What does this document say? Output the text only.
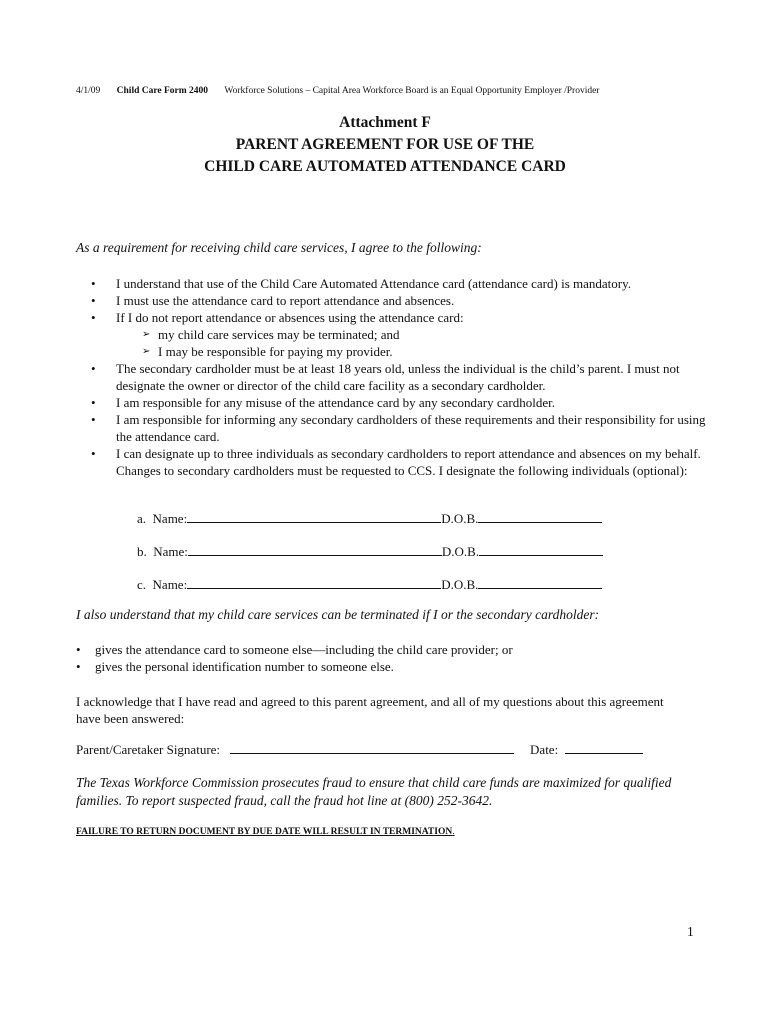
4/1/09 Child Care Form 2400 Workforce Solutions – Capital Area Workforce Board is an Equal Opportunity Employer /Provider
Attachment F
PARENT AGREEMENT FOR USE OF THE
CHILD CARE AUTOMATED ATTENDANCE CARD
As a requirement for receiving child care services, I agree to the following:
• I understand that use of the Child Care Automated Attendance card (attendance card) is mandatory.
• I must use the attendance card to report attendance and absences.
• If I do not report attendance or absences using the attendance card:
➢ my child care services may be terminated; and
➢ I may be responsible for paying my provider.
• The secondary cardholder must be at least 18 years old, unless the individual is the child’s parent. I must not designate the owner or director of the child care facility as a secondary cardholder.
• I am responsible for any misuse of the attendance card by any secondary cardholder.
• I am responsible for informing any secondary cardholders of these requirements and their responsibility for using the attendance card.
• I can designate up to three individuals as secondary cardholders to report attendance and absences on my behalf. Changes to secondary cardholders must be requested to CCS. I designate the following individuals (optional):
a. Name:	D.O.B.
b. Name:	D.O.B.
c. Name:	D.O.B.
I also understand that my child care services can be terminated if I or the secondary cardholder:
• gives the attendance card to someone else—including the child care provider; or
• gives the personal identification number to someone else.
I acknowledge that I have read and agreed to this parent agreement, and all of my questions about this agreement have been answered:
Parent/Caretaker Signature:	Date:
The Texas Workforce Commission prosecutes fraud to ensure that child care funds are maximized for qualified families. To report suspected fraud, call the fraud hot line at (800) 252-3642.
FAILURE TO RETURN DOCUMENT BY DUE DATE WILL RESULT IN TERMINATION.
1
